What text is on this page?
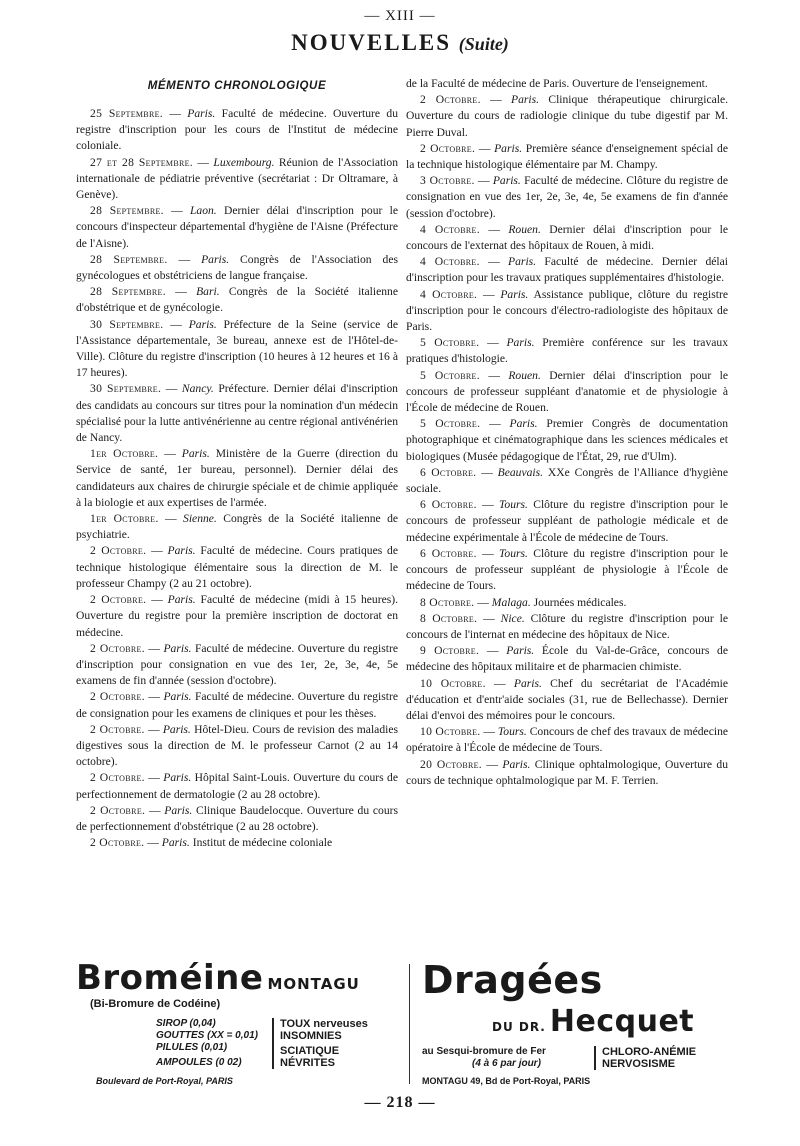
— XIII —
NOUVELLES (Suite)
MÉMENTO CHRONOLOGIQUE

25 Septembre. — Paris. Faculté de médecine. Ouverture du registre d'inscription pour les cours de l'Institut de médecine coloniale.

27 et 28 Septembre. — Luxembourg. Réunion de l'Association internationale de pédiatrie préventive (secrétariat : Dr Oltramare, à Genève).

28 Septembre. — Laon. Dernier délai d'inscription pour le concours d'inspecteur départemental d'hygiène de l'Aisne (Préfecture de l'Aisne).

28 Septembre. — Paris. Congrès de l'Association des gynécologues et obstétriciens de langue française.

28 Septembre. — Bari. Congrès de la Société italienne d'obstétrique et de gynécologie.

30 Septembre. — Paris. Préfecture de la Seine (service de l'Assistance départementale, 3e bureau, annexe est de l'Hôtel-de-Ville). Clôture du registre d'inscription (10 heures à 12 heures et 16 à 17 heures).

30 Septembre. — Nancy. Préfecture. Dernier délai d'inscription des candidats au concours sur titres pour la nomination d'un médecin spécialisé pour la lutte antivénérienne au centre régional antivénérien de Nancy.

1er Octobre. — Paris. Ministère de la Guerre (direction du Service de santé, 1er bureau, personnel). Dernier délai des candidateurs aux chaires de chirurgie spéciale et de chimie appliquée à la biologie et aux expertises de l'armée.

1er Octobre. — Sienne. Congrès de la Société italienne de psychiatrie.

2 Octobre. — Paris. Faculté de médecine. Cours pratiques de technique histologique élémentaire sous la direction de M. le professeur Champy (2 au 21 octobre).

2 Octobre. — Paris. Faculté de médecine (midi à 15 heures). Ouverture du registre pour la première inscription de doctorat en médecine.

2 Octobre. — Paris. Faculté de médecine. Ouverture du registre d'inscription pour consignation en vue des 1er, 2e, 3e, 4e, 5e examens de fin d'année (session d'octobre).

2 Octobre. — Paris. Faculté de médecine. Ouverture du registre de consignation pour les examens de cliniques et pour les thèses.

2 Octobre. — Paris. Hôtel-Dieu. Cours de revision des maladies digestives sous la direction de M. le professeur Carnot (2 au 14 octobre).

2 Octobre. — Paris. Hôpital Saint-Louis. Ouverture du cours de perfectionnement de dermatologie (2 au 28 octobre).

2 Octobre. — Paris. Clinique Baudelocque. Ouverture du cours de perfectionnement d'obstétrique (2 au 28 octobre).

2 Octobre. — Paris. Institut de médecine coloniale

de la Faculté de médecine de Paris. Ouverture de l'enseignement.

2 Octobre. — Paris. Clinique thérapeutique chirurgicale. Ouverture du cours de radiologie clinique du tube digestif par M. Pierre Duval.

2 Octobre. — Paris. Première séance d'enseignement spécial de la technique histologique élémentaire par M. Champy.

3 Octobre. — Paris. Faculté de médecine. Clôture du registre de consignation en vue des 1er, 2e, 3e, 4e, 5e examens de fin d'année (session d'octobre).

4 Octobre. — Rouen. Dernier délai d'inscription pour le concours de l'externat des hôpitaux de Rouen, à midi.

4 Octobre. — Paris. Faculté de médecine. Dernier délai d'inscription pour les travaux pratiques supplémentaires d'histologie.

4 Octobre. — Paris. Assistance publique, clôture du registre d'inscription pour le concours d'électro-radiologiste des hôpitaux de Paris.

5 Octobre. — Paris. Première conférence sur les travaux pratiques d'histologie.

5 Octobre. — Rouen. Dernier délai d'inscription pour le concours de professeur suppléant d'anatomie et de physiologie à l'École de médecine de Rouen.

5 Octobre. — Paris. Premier Congrès de documentation photographique et cinématographique dans les sciences médicales et biologiques (Musée pédagogique de l'État, 29, rue d'Ulm).

6 Octobre. — Beauvais. XXe Congrès de l'Alliance d'hygiène sociale.

6 Octobre. — Tours. Clôture du registre d'inscription pour le concours de professeur suppléant de pathologie médicale et de médecine expérimentale à l'École de médecine de Tours.

6 Octobre. — Tours. Clôture du registre d'inscription pour le concours de professeur suppléant de physiologie à l'École de médecine de Tours.

8 Octobre. — Malaga. Journées médicales.

8 Octobre. — Nice. Clôture du registre d'inscription pour le concours de l'internat en médecine des hôpitaux de Nice.

9 Octobre. — Paris. École du Val-de-Grâce, concours de médecine des hôpitaux militaire et de pharmacien chimiste.

10 Octobre. — Paris. Chef du secrétariat de l'Académie d'éducation et d'entr'aide sociales (31, rue de Bellechasse). Dernier délai d'envoi des mémoires pour le concours.

10 Octobre. — Tours. Concours de chef des travaux de médecine opératoire à l'École de médecine de Tours.

20 Octobre. — Paris. Clinique ophtalmologique, Ouverture du cours de technique ophtalmologique par M. F. Terrien.

Broméine MONTAGU
(Bi-Bromure de Codéine)
SIROP (0,04)
GOUTTES (XX = 0,01)
PILULES (0,01)
AMPOULES (0 02)
TOUX nerveuses
INSOMNIES
SCIATIQUE
NÉVRITES
Boulevard de Port-Royal, PARIS
Dragées
DU DR. Hecquet
au Sesqui-bromure de Fer
(4 à 6 par jour)
CHLORO-ANÉMIE
NERVOSISME
MONTAGU 49, Bd de Port-Royal, PARIS
— 218 —
